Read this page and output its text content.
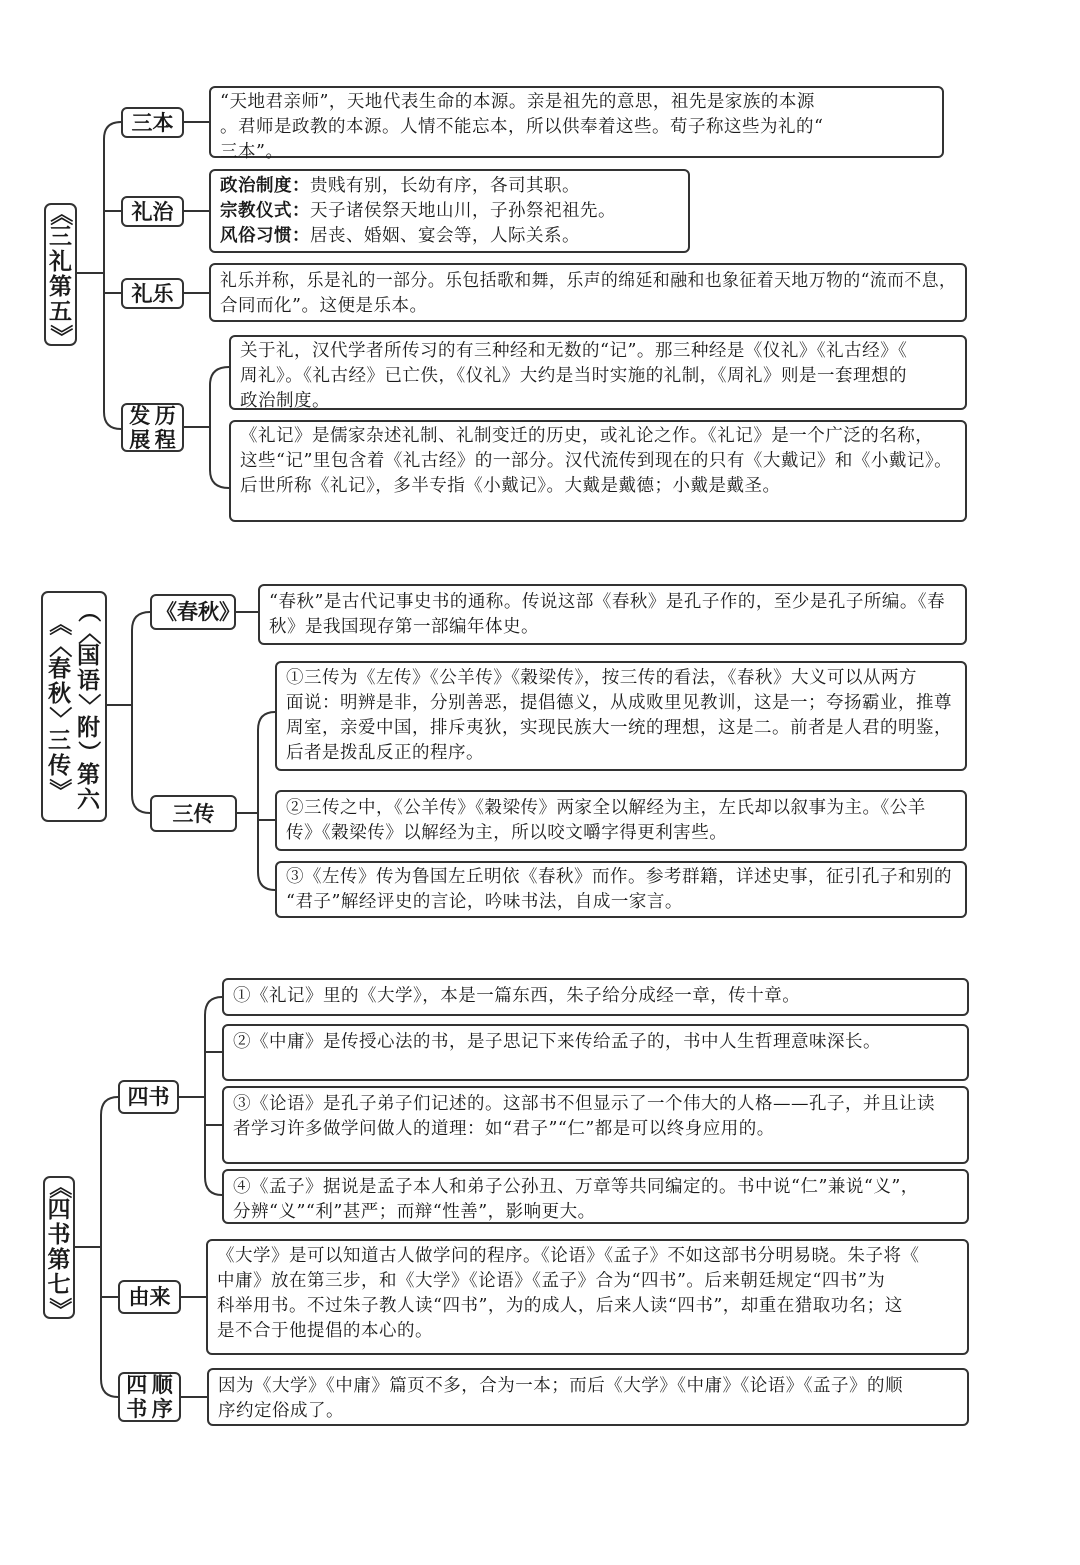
《
三
礼
第
五
》
三本
“天地君亲师”，天地代表生命的本源。亲是祖先的意思，祖先是家族的本源
。君师是政教的本源。人情不能忘本，所以供奉着这些。荀子称这些为礼的“
三本”。
礼治
政治制度：贵贱有别，长幼有序，各司其职。
宗教仪式：天子诸侯祭天地山川，子孙祭祀祖先。
风俗习惯：居丧、婚姻、宴会等，人际关系。
礼乐
礼乐并称，乐是礼的一部分。乐包括歌和舞，乐声的绵延和融和也象征着天地万物的“流而不息，
合同而化”。这便是乐本。
发展
历程
关于礼，汉代学者所传习的有三种经和无数的“记”。那三种经是《仪礼》《礼古经》《
周礼》。《礼古经》已亡佚，《仪礼》大约是当时实施的礼制，《周礼》则是一套理想的
政治制度。
《礼记》是儒家杂述礼制、礼制变迁的历史，或礼论之作。《礼记》是一个广泛的名称，
这些“记”里包含着《礼古经》的一部分。汉代流传到现在的只有《大戴记》和《小戴记》。
后世所称《礼记》，多半专指《小戴记》。大戴是戴德；小戴是戴圣。
《
〈
春
秋
〉
三
传
》
（
〈
国
语
〉
附
）
第
六
《春秋》 “春秋”是古代记事史书的通称。传说这部《春秋》是孔子作的，至少是孔子所编。《春
秋》是我国现存第一部编年体史。
三传
①三传为《左传》《公羊传》《穀梁传》，按三传的看法，《春秋》大义可以从两方
面说：明辨是非，分别善恶，提倡德义，从成败里见教训，这是一；夸扬霸业，推尊
周室，亲爱中国，排斥夷狄，实现民族大一统的理想，这是二。前者是人君的明鉴，
后者是拨乱反正的程序。
②三传之中，《公羊传》《穀梁传》两家全以解经为主，左氏却以叙事为主。《公羊
传》《穀梁传》以解经为主，所以咬文嚼字得更利害些。
③《左传》传为鲁国左丘明依《春秋》而作。参考群籍，详述史事，征引孔子和别的
“君子”解经评史的言论，吟味书法，自成一家言。
《
四
书
第
七
》
四书
①《礼记》里的《大学》，本是一篇东西，朱子给分成经一章，传十章。
②《中庸》是传授心法的书，是子思记下来传给孟子的，书中人生哲理意味深长。
③《论语》是孔子弟子们记述的。这部书不但显示了一个伟大的人格——孔子，并且让读
者学习许多做学问做人的道理：如“君子”“仁”都是可以终身应用的。
④《孟子》据说是孟子本人和弟子公孙丑、万章等共同编定的。书中说“仁”兼说“义”，
分辨“义”“利”甚严；而辩“性善”，影响更大。
由来
《大学》是可以知道古人做学问的程序。《论语》《孟子》不如这部书分明易晓。朱子将《
中庸》放在第三步，和《大学》《论语》《孟子》合为“四书”。后来朝廷规定“四书”为
科举用书。不过朱子教人读“四书”，为的成人，后来人读“四书”，却重在猎取功名；这
是不合于他提倡的本心的。
四书
顺序
因为《大学》《中庸》篇页不多，合为一本；而后《大学》《中庸》《论语》《孟子》的顺
序约定俗成了。
